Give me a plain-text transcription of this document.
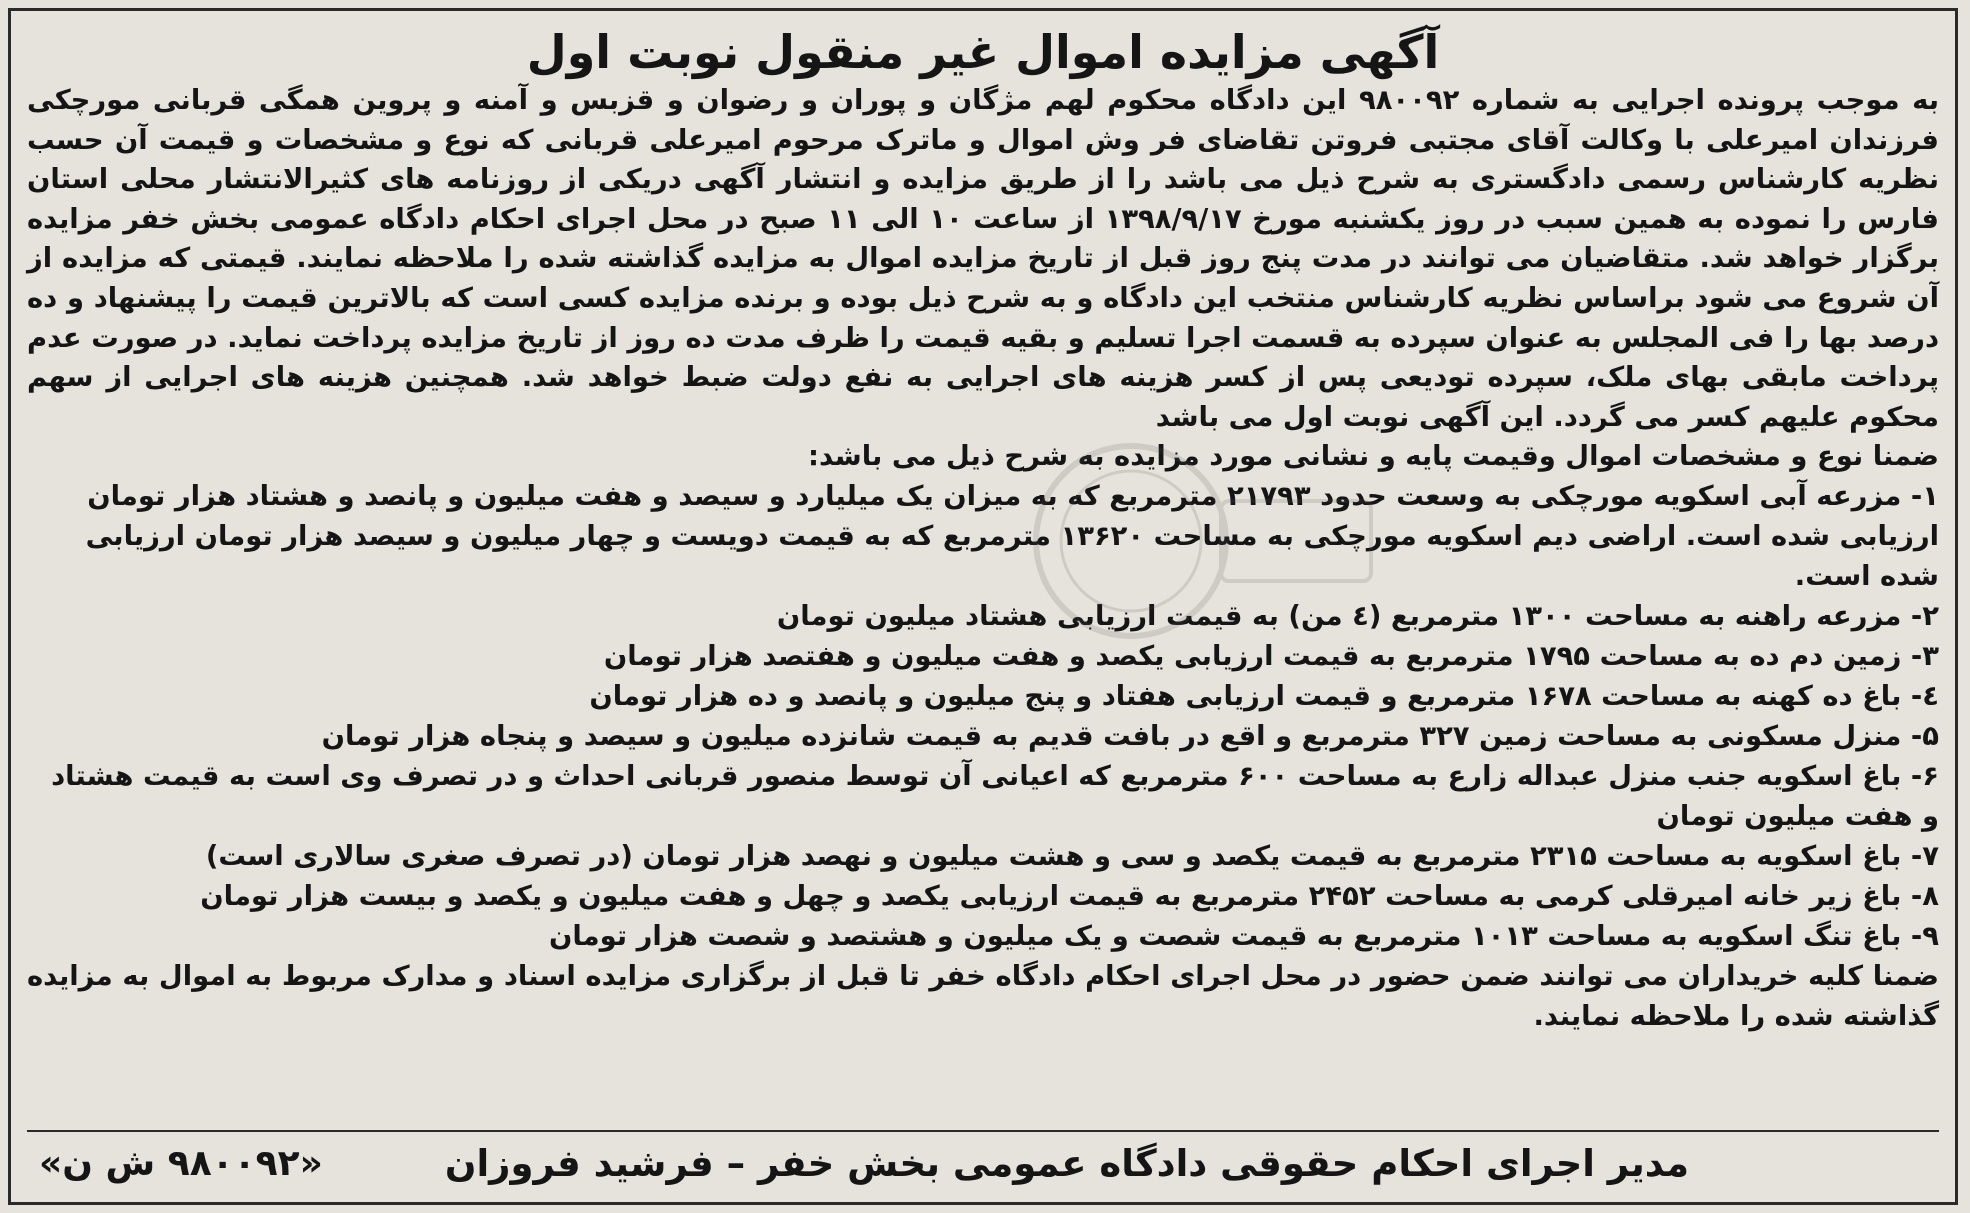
آگهی مزایده اموال غیر منقول نوبت اول

به موجب پرونده اجرایی به شماره ۹۸۰۰۹۲ این دادگاه محکوم لهم مژگان و پوران و رضوان و قزبس و آمنه و پروین همگی قربانی مورچکی فرزندان امیرعلی با وکالت آقای مجتبی فروتن تقاضای فر وش اموال و ماترک مرحوم امیرعلی قربانی که نوع و مشخصات و قیمت آن حسب نظریه کارشناس رسمی دادگستری به شرح ذیل می باشد را از طریق مزایده و انتشار آگهی دریکی از روزنامه های کثیرالانتشار محلی استان فارس را نموده به همین سبب در روز یکشنبه مورخ ۱۳۹۸/۹/۱۷ از ساعت ۱۰ الی ۱۱ صبح در محل اجرای احکام دادگاه عمومی بخش خفر مزایده برگزار خواهد شد. متقاضیان می توانند در مدت پنج روز قبل از تاریخ مزایده اموال به مزایده گذاشته شده را ملاحظه نمایند. قیمتی که مزایده از آن شروع می شود براساس نظریه کارشناس منتخب این دادگاه و به شرح ذیل بوده و برنده مزایده کسی است که بالاترین قیمت را پیشنهاد و ده درصد بها را فی المجلس به عنوان سپرده به قسمت اجرا تسلیم و بقیه قیمت را ظرف مدت ده روز از تاریخ مزایده پرداخت نماید. در صورت عدم پرداخت مابقی بهای ملک، سپرده تودیعی پس از کسر هزینه های اجرایی به نفع دولت ضبط خواهد شد. همچنین هزینه های اجرایی از سهم محکوم علیهم کسر می گردد. این آگهی نوبت اول می باشد

ضمنا نوع و مشخصات اموال وقیمت پایه و نشانی مورد مزایده به شرح ذیل می باشد:

۱- مزرعه آبی اسکویه مورچکی به وسعت حدود ۲۱۷۹۳ مترمربع که به میزان یک میلیارد و سیصد و هفت میلیون و پانصد و هشتاد هزار تومان ارزیابی شده است. اراضی دیم اسکویه مورچکی به مساحت ۱۳۶۲۰ مترمربع که به قیمت دویست و چهار میلیون و سیصد هزار تومان ارزیابی شده است.

۲- مزرعه راهنه به مساحت ۱۳۰۰ مترمربع (٤ من) به قیمت ارزیابی هشتاد میلیون تومان

۳- زمین دم ده به مساحت ۱۷۹۵ مترمربع به قیمت ارزیابی یکصد و هفت میلیون و هفتصد هزار تومان

٤- باغ ده کهنه به مساحت ۱۶۷۸ مترمربع و قیمت ارزیابی هفتاد و پنج میلیون و پانصد و ده هزار تومان

۵- منزل مسکونی به مساحت زمین ۳۲۷ مترمربع و اقع در بافت قدیم به قیمت شانزده میلیون و سیصد و پنجاه هزار تومان

۶- باغ اسکویه جنب منزل عبداله زارع به مساحت ۶۰۰ مترمربع که اعیانی آن توسط منصور قربانی احداث و در تصرف وی است به قیمت هشتاد و هفت میلیون تومان

۷- باغ اسکویه به مساحت ۲۳۱۵ مترمربع به قیمت یکصد و سی و هشت میلیون و نهصد هزار تومان (در تصرف صغری سالاری است)

۸- باغ زیر خانه امیرقلی کرمی به مساحت ۲۴۵۲ مترمربع به قیمت ارزیابی یکصد و چهل و هفت میلیون و یکصد و بیست هزار تومان

۹- باغ تنگ اسکویه به مساحت ۱۰۱۳ مترمربع به قیمت شصت و یک میلیون و هشتصد و شصت هزار تومان

ضمنا کلیه خریداران می توانند ضمن حضور در محل اجرای احکام دادگاه خفر تا قبل از برگزاری مزایده اسناد و مدارک مربوط به اموال به مزایده گذاشته شده را ملاحظه نمایند.

مدیر اجرای احکام حقوقی دادگاه عمومی بخش خفر – فرشید فروزان
«۹۸۰۰۹۲ ش ن»
